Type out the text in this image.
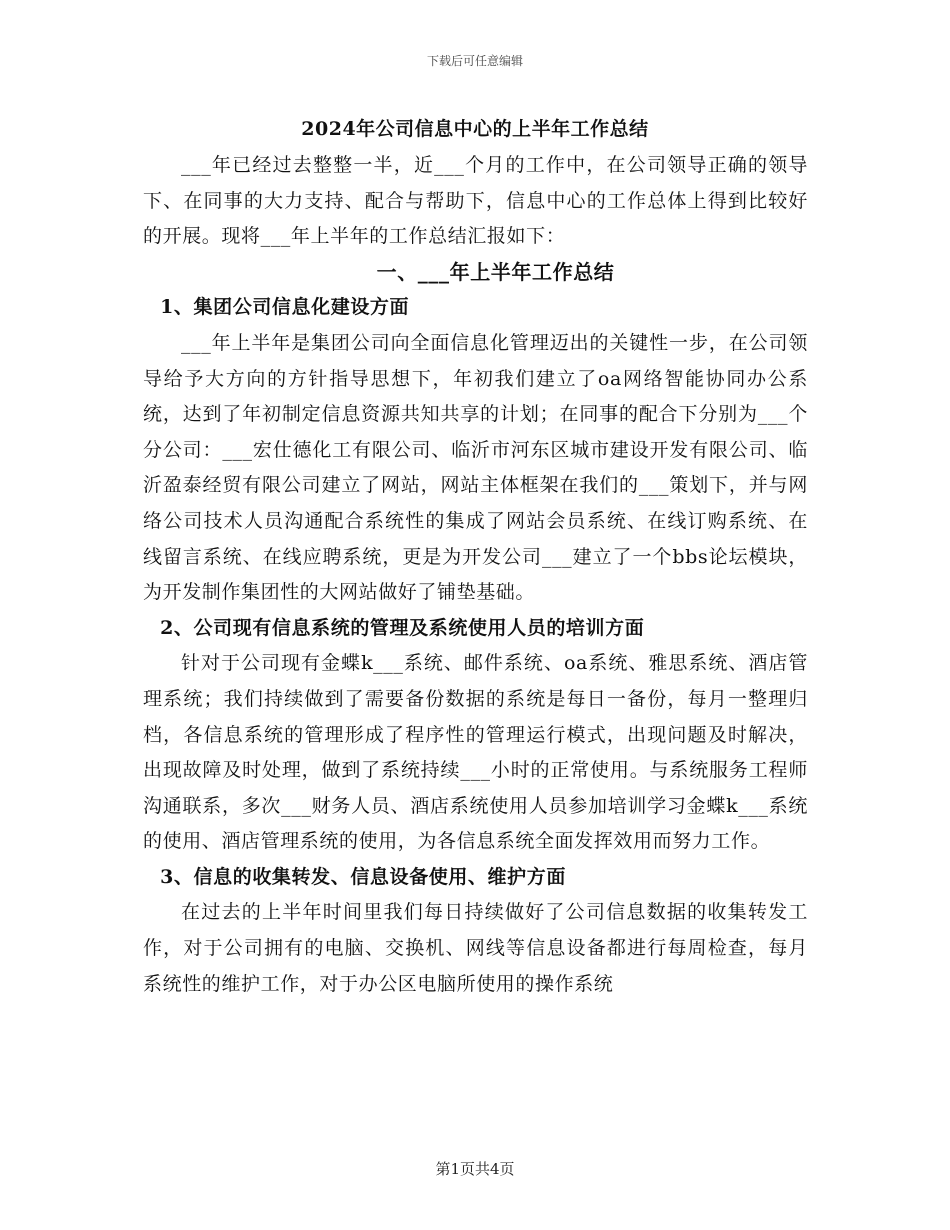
下载后可任意编辑
2024年公司信息中心的上半年工作总结

___年已经过去整整一半，近___个月的工作中，在公司领导正确的领导下、在同事的大力支持、配合与帮助下，信息中心的工作总体上得到比较好的开展。现将___年上半年的工作总结汇报如下：

一、___年上半年工作总结

1、集团公司信息化建设方面

___年上半年是集团公司向全面信息化管理迈出的关键性一步，在公司领导给予大方向的方针指导思想下，年初我们建立了oa网络智能协同办公系统，达到了年初制定信息资源共知共享的计划；在同事的配合下分别为___个分公司：___宏仕德化工有限公司、临沂市河东区城市建设开发有限公司、临沂盈泰经贸有限公司建立了网站，网站主体框架在我们的___策划下，并与网络公司技术人员沟通配合系统性的集成了网站会员系统、在线订购系统、在线留言系统、在线应聘系统，更是为开发公司___建立了一个bbs论坛模块，为开发制作集团性的大网站做好了铺垫基础。

2、公司现有信息系统的管理及系统使用人员的培训方面

针对于公司现有金蝶k___系统、邮件系统、oa系统、雅思系统、酒店管理系统；我们持续做到了需要备份数据的系统是每日一备份，每月一整理归档，各信息系统的管理形成了程序性的管理运行模式，出现问题及时解决，出现故障及时处理，做到了系统持续___小时的正常使用。与系统服务工程师沟通联系，多次___财务人员、酒店系统使用人员参加培训学习金蝶k___系统的使用、酒店管理系统的使用，为各信息系统全面发挥效用而努力工作。

3、信息的收集转发、信息设备使用、维护方面

在过去的上半年时间里我们每日持续做好了公司信息数据的收集转发工作，对于公司拥有的电脑、交换机、网线等信息设备都进行每周检查，每月系统性的维护工作，对于办公区电脑所使用的操作系统

第1页共4页
